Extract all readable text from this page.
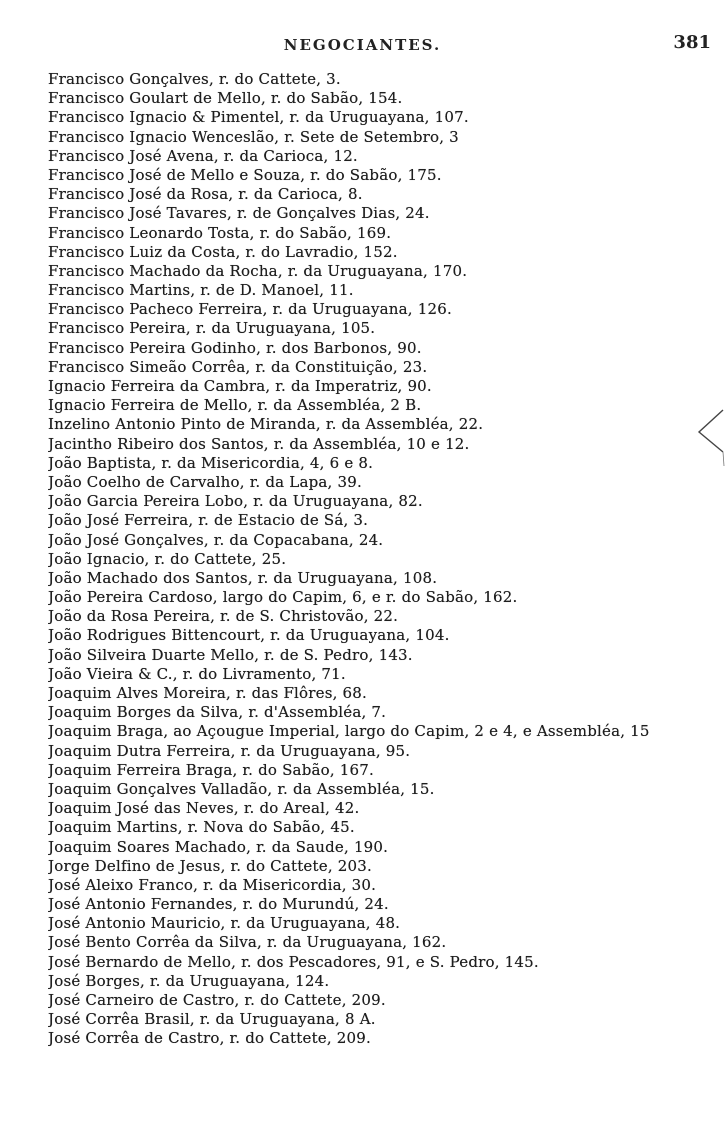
NEGOCIANTES.	381
Francisco Gonçalves, r. do Cattete, 3.
Francisco Goulart de Mello, r. do Sabão, 154.
Francisco Ignacio & Pimentel, r. da Uruguayana, 107.
Francisco Ignacio Wenceslão, r. Sete de Setembro, 3
Francisco José Avena, r. da Carioca, 12.
Francisco José de Mello e Souza, r. do Sabão, 175.
Francisco José da Rosa, r. da Carioca, 8.
Francisco José Tavares, r. de Gonçalves Dias, 24.
Francisco Leonardo Tosta, r. do Sabão, 169.
Francisco Luiz da Costa, r. do Lavradio, 152.
Francisco Machado da Rocha, r. da Uruguayana, 170.
Francisco Martins, r. de D. Manoel, 11.
Francisco Pacheco Ferreira, r. da Uruguayana, 126.
Francisco Pereira, r. da Uruguayana, 105.
Francisco Pereira Godinho, r. dos Barbonos, 90.
Francisco Simeão Corrêa, r. da Constituição, 23.
Ignacio Ferreira da Cambra, r. da Imperatriz, 90.
Ignacio Ferreira de Mello, r. da Assembléa, 2 B.
Inzelino Antonio Pinto de Miranda, r. da Assembléa, 22.
Jacintho Ribeiro dos Santos, r. da Assembléa, 10 e 12.
João Baptista, r. da Misericordia, 4, 6 e 8.
João Coelho de Carvalho, r. da Lapa, 39.
João Garcia Pereira Lobo, r. da Uruguayana, 82.
João José Ferreira, r. de Estacio de Sá, 3.
João José Gonçalves, r. da Copacabana, 24.
João Ignacio, r. do Cattete, 25.
João Machado dos Santos, r. da Uruguayana, 108.
João Pereira Cardoso, largo do Capim, 6, e r. do Sabão, 162.
João da Rosa Pereira, r. de S. Christovão, 22.
João Rodrigues Bittencourt, r. da Uruguayana, 104.
João Silveira Duarte Mello, r. de S. Pedro, 143.
João Vieira & C., r. do Livramento, 71.
Joaquim Alves Moreira, r. das Flôres, 68.
Joaquim Borges da Silva, r. d'Assembléa, 7.
Joaquim Braga, ao Açougue Imperial, largo do Capim, 2 e 4, e Assembléa, 15
Joaquim Dutra Ferreira, r. da Uruguayana, 95.
Joaquim Ferreira Braga, r. do Sabão, 167.
Joaquim Gonçalves Valladão, r. da Assembléa, 15.
Joaquim José das Neves, r. do Areal, 42.
Joaquim Martins, r. Nova do Sabão, 45.
Joaquim Soares Machado, r. da Saude, 190.
Jorge Delfino de Jesus, r. do Cattete, 203.
José Aleixo Franco, r. da Misericordia, 30.
José Antonio Fernandes, r. do Murundú, 24.
José Antonio Mauricio, r. da Uruguayana, 48.
José Bento Corrêa da Silva, r. da Uruguayana, 162.
José Bernardo de Mello, r. dos Pescadores, 91, e S. Pedro, 145.
José Borges, r. da Uruguayana, 124.
José Carneiro de Castro, r. do Cattete, 209.
José Corrêa Brasil, r. da Uruguayana, 8 A.
José Corrêa de Castro, r. do Cattete, 209.
